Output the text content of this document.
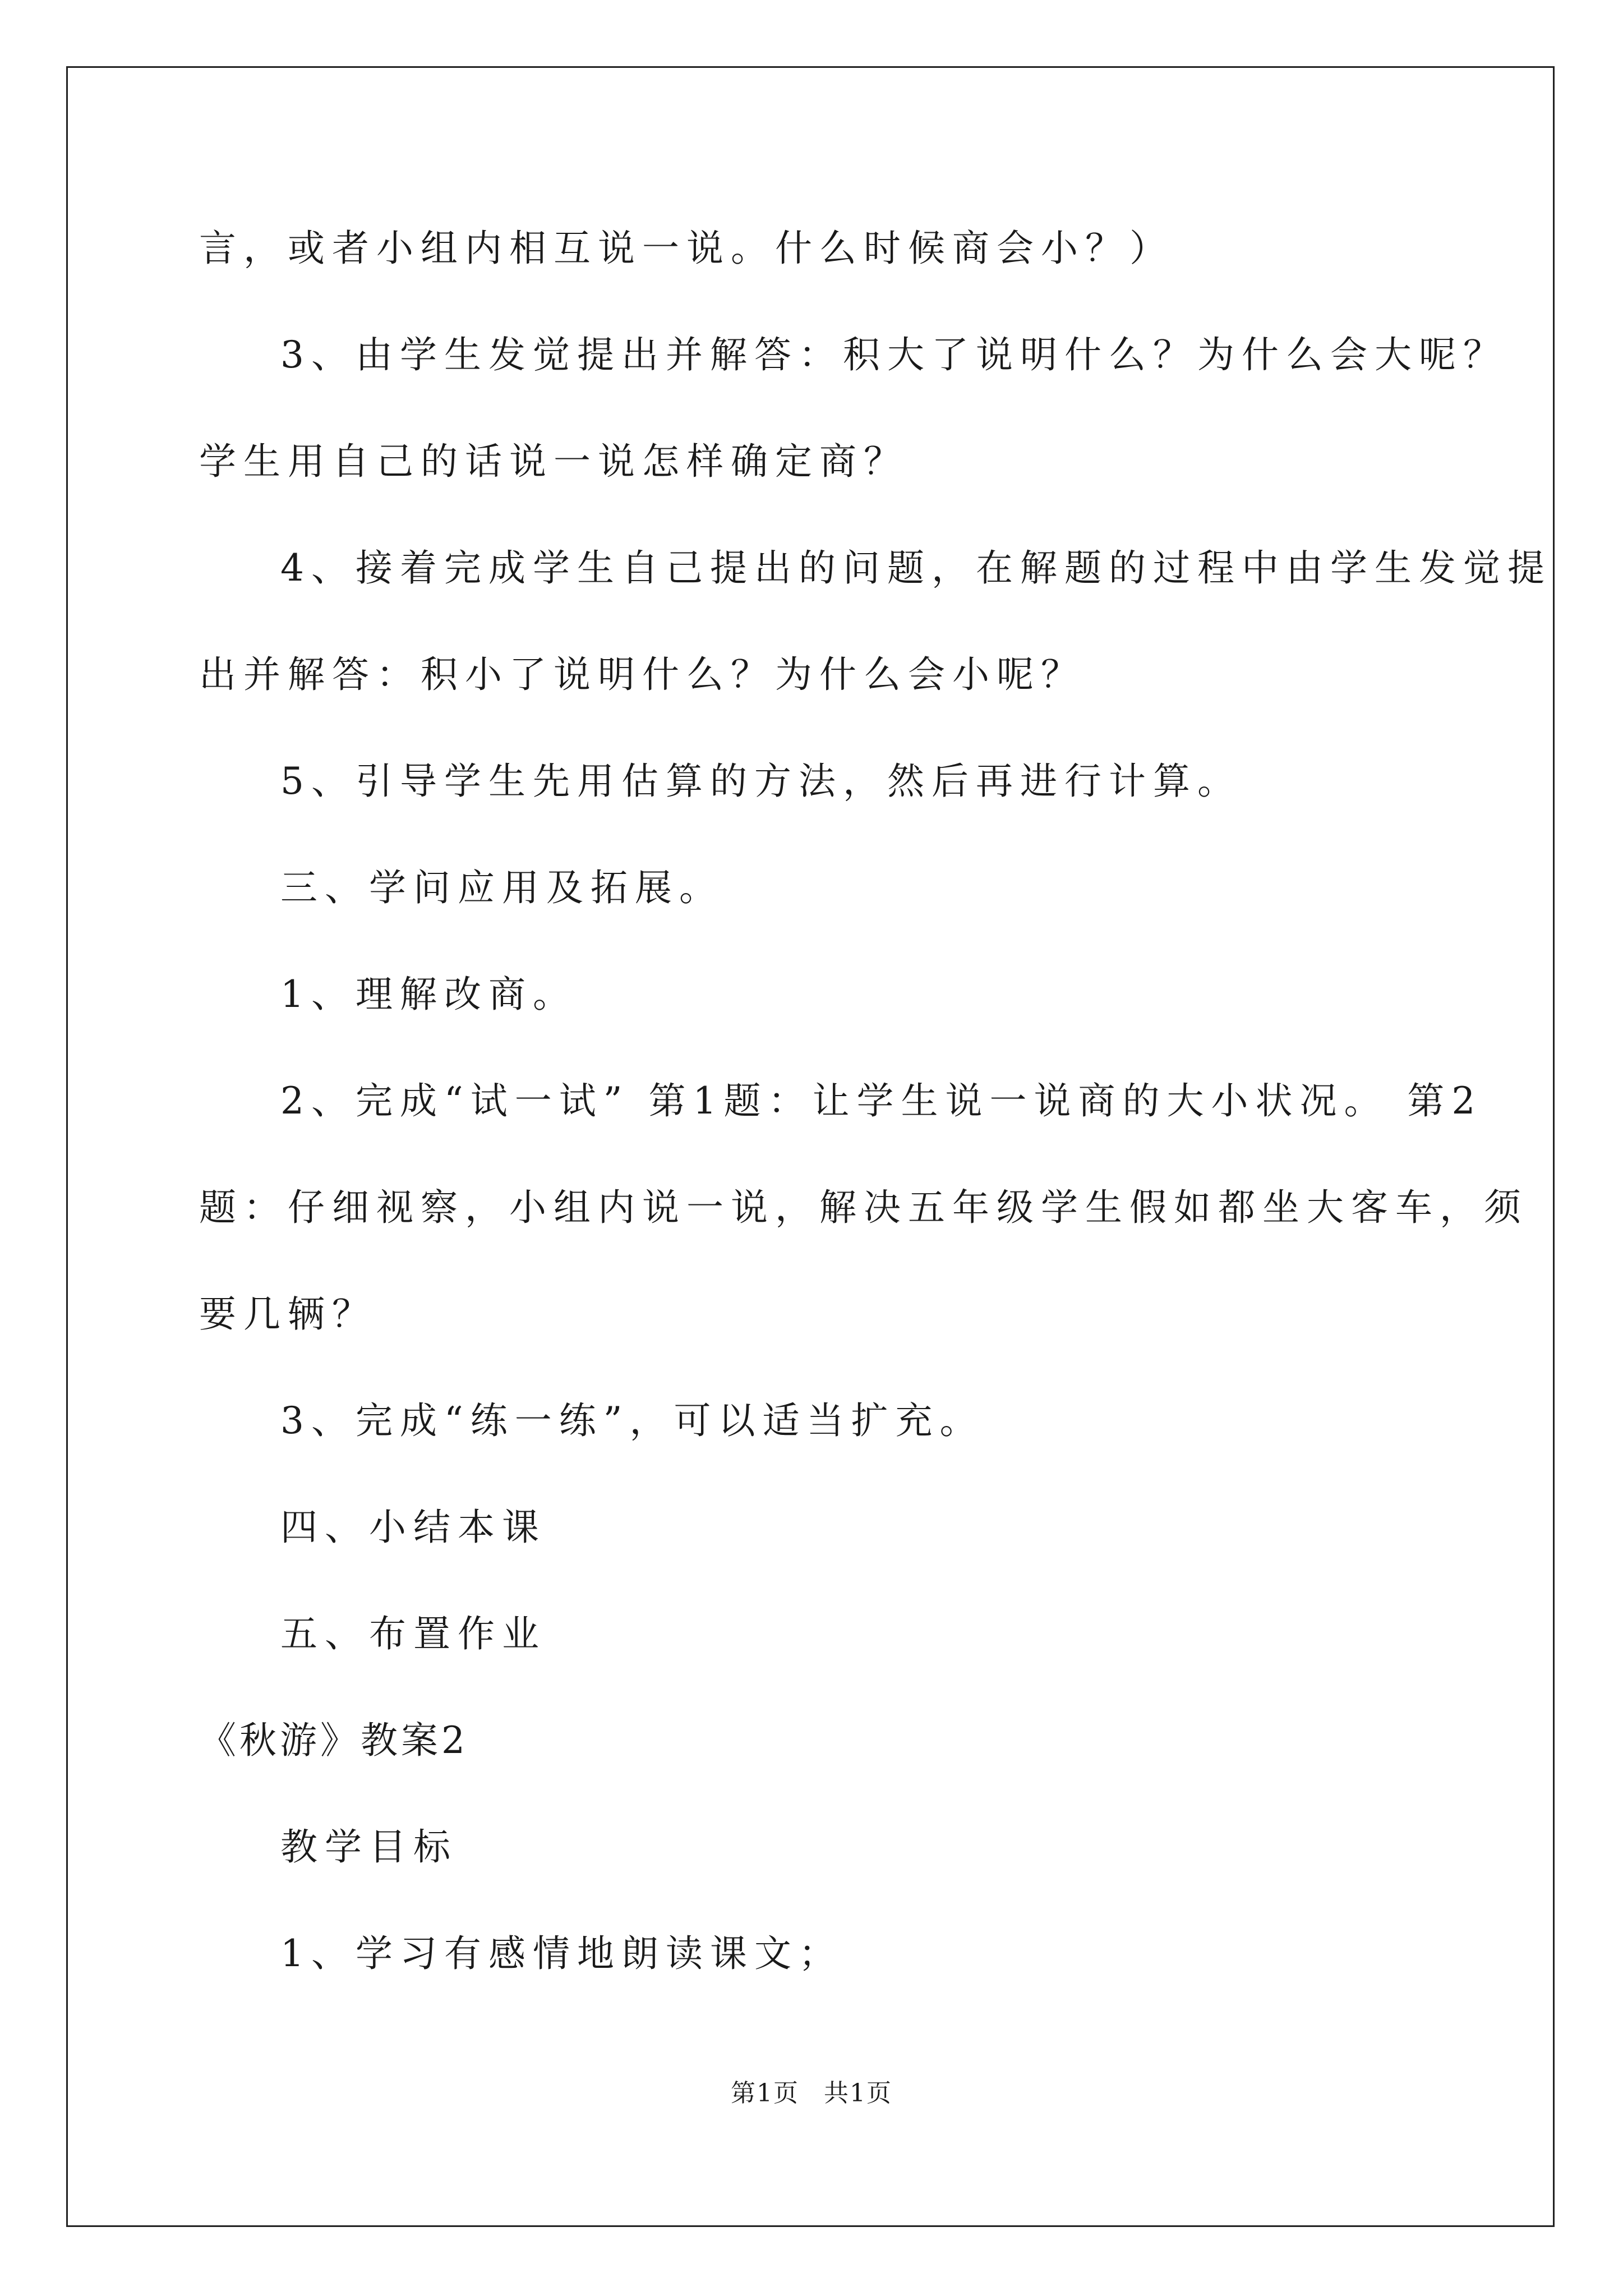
言，或者小组内相互说一说。什么时候商会小？）
3、由学生发觉提出并解答：积大了说明什么？为什么会大呢？
学生用自己的话说一说怎样确定商？
4、接着完成学生自己提出的问题，在解题的过程中由学生发觉提
出并解答：积小了说明什么？为什么会小呢？
5、引导学生先用估算的方法，然后再进行计算。
三、学问应用及拓展。
1、理解改商。
2、完成“试一试” 第1题：让学生说一说商的大小状况。 第2
题：仔细视察，小组内说一说，解决五年级学生假如都坐大客车，须
要几辆？
3、完成“练一练”，可以适当扩充。
四、小结本课
五、布置作业
《秋游》教案2
教学目标
1、学习有感情地朗读课文；
第1页 共1页
